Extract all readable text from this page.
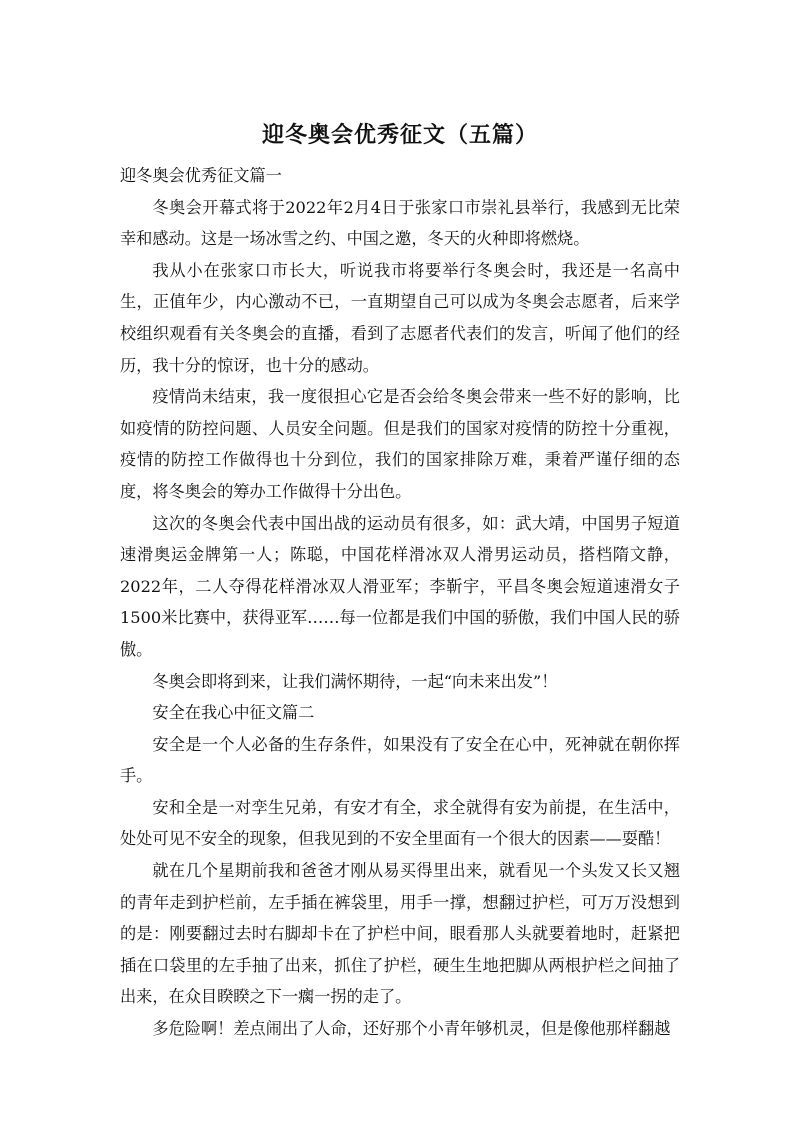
迎冬奥会优秀征文（五篇）

迎冬奥会优秀征文篇一

冬奥会开幕式将于2022年2月4日于张家口市崇礼县举行，我感到无比荣幸和感动。这是一场冰雪之约、中国之邀，冬天的火种即将燃烧。

我从小在张家口市长大，听说我市将要举行冬奥会时，我还是一名高中生，正值年少，内心激动不已，一直期望自己可以成为冬奥会志愿者，后来学校组织观看有关冬奥会的直播，看到了志愿者代表们的发言，听闻了他们的经历，我十分的惊讶，也十分的感动。

疫情尚未结束，我一度很担心它是否会给冬奥会带来一些不好的影响，比如疫情的防控问题、人员安全问题。但是我们的国家对疫情的防控十分重视，疫情的防控工作做得也十分到位，我们的国家排除万难，秉着严谨仔细的态度，将冬奥会的筹办工作做得十分出色。

这次的冬奥会代表中国出战的运动员有很多，如：武大靖，中国男子短道速滑奥运金牌第一人；陈聪，中国花样滑冰双人滑男运动员，搭档隋文静，2022年，二人夺得花样滑冰双人滑亚军；李靳宇，平昌冬奥会短道速滑女子1500米比赛中，获得亚军……每一位都是我们中国的骄傲，我们中国人民的骄傲。

冬奥会即将到来，让我们满怀期待，一起“向未来出发”！

安全在我心中征文篇二

安全是一个人必备的生存条件，如果没有了安全在心中，死神就在朝你挥手。

安和全是一对孪生兄弟，有安才有全，求全就得有安为前提，在生活中，处处可见不安全的现象，但我见到的不安全里面有一个很大的因素——耍酷！

就在几个星期前我和爸爸才刚从易买得里出来，就看见一个头发又长又翘的青年走到护栏前，左手插在裤袋里，用手一撑，想翻过护栏，可万万没想到的是：刚要翻过去时右脚却卡在了护栏中间，眼看那人头就要着地时，赶紧把插在口袋里的左手抽了出来，抓住了护栏，硬生生地把脚从两根护栏之间抽了出来，在众目睽睽之下一瘸一拐的走了。

多危险啊！差点闹出了人命，还好那个小青年够机灵，但是像他那样翻越
